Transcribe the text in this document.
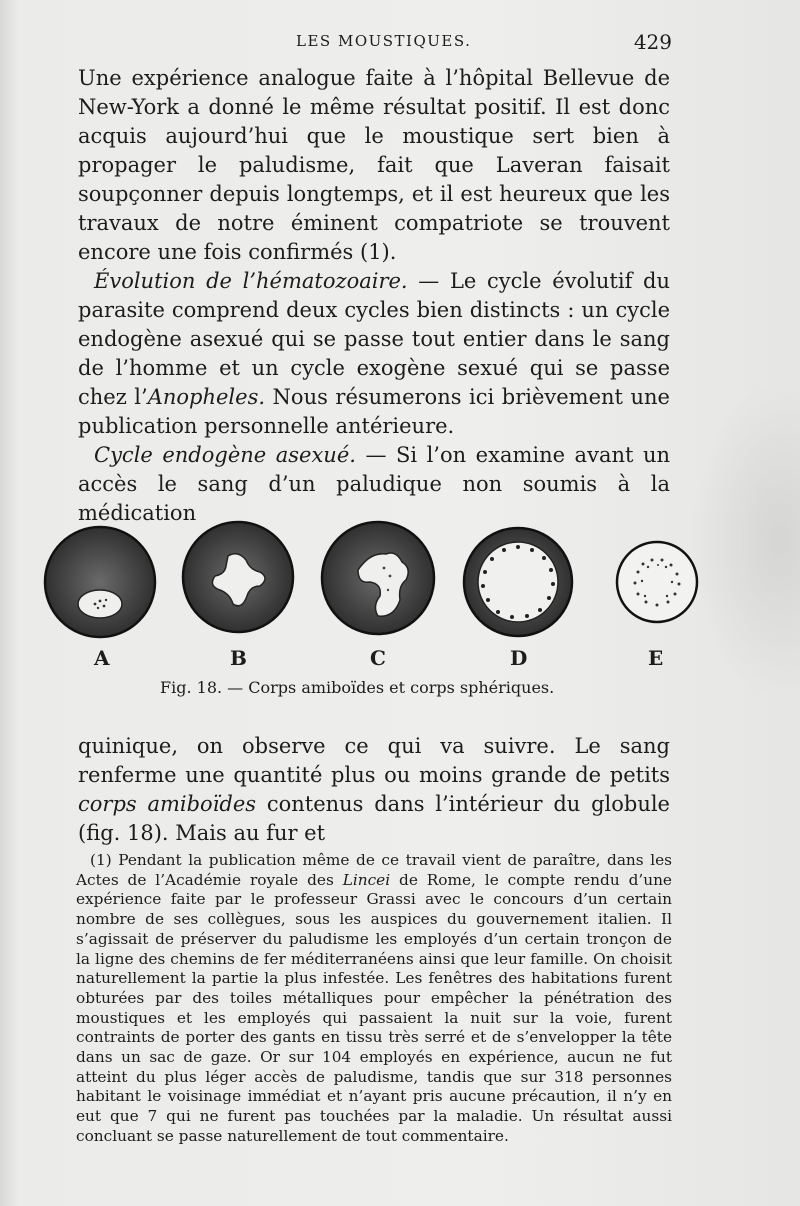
LES MOUSTIQUES.	429

Une expérience analogue faite à l’hôpital Bellevue de New-York a donné le même résultat positif. Il est donc acquis aujourd’hui que le moustique sert bien à propager le paludisme, fait que Laveran faisait soupçonner depuis longtemps, et il est heureux que les travaux de notre éminent compatriote se trouvent encore une fois confirmés (1).

Évolution de l’hématozoaire. — Le cycle évolutif du parasite comprend deux cycles bien distincts : un cycle endogène asexué qui se passe tout entier dans le sang de l’homme et un cycle exogène sexué qui se passe chez l’Anopheles. Nous résumerons ici brièvement une publication personnelle antérieure.

Cycle endogène asexué. — Si l’on examine avant un accès le sang d’un paludique non soumis à la médication

A	B	C	D	E
Fig. 18. — Corps amiboïdes et corps sphériques.

quinique, on observe ce qui va suivre. Le sang renferme une quantité plus ou moins grande de petits corps amiboïdes contenus dans l’intérieur du globule (fig. 18). Mais au fur et

(1) Pendant la publication même de ce travail vient de paraître, dans les Actes de l’Académie royale des Lincei de Rome, le compte rendu d’une expérience faite par le professeur Grassi avec le concours d’un certain nombre de ses collègues, sous les auspices du gouvernement italien. Il s’agissait de préserver du paludisme les employés d’un certain tronçon de la ligne des chemins de fer méditerranéens ainsi que leur famille. On choisit naturellement la partie la plus infestée. Les fenêtres des habitations furent obturées par des toiles métalliques pour empêcher la pénétration des moustiques et les employés qui passaient la nuit sur la voie, furent contraints de porter des gants en tissu très serré et de s’envelopper la tête dans un sac de gaze. Or sur 104 employés en expérience, aucun ne fut atteint du plus léger accès de paludisme, tandis que sur 318 personnes habitant le voisinage immédiat et n’ayant pris aucune précaution, il n’y en eut que 7 qui ne furent pas touchées par la maladie. Un résultat aussi concluant se passe naturellement de tout commentaire.
